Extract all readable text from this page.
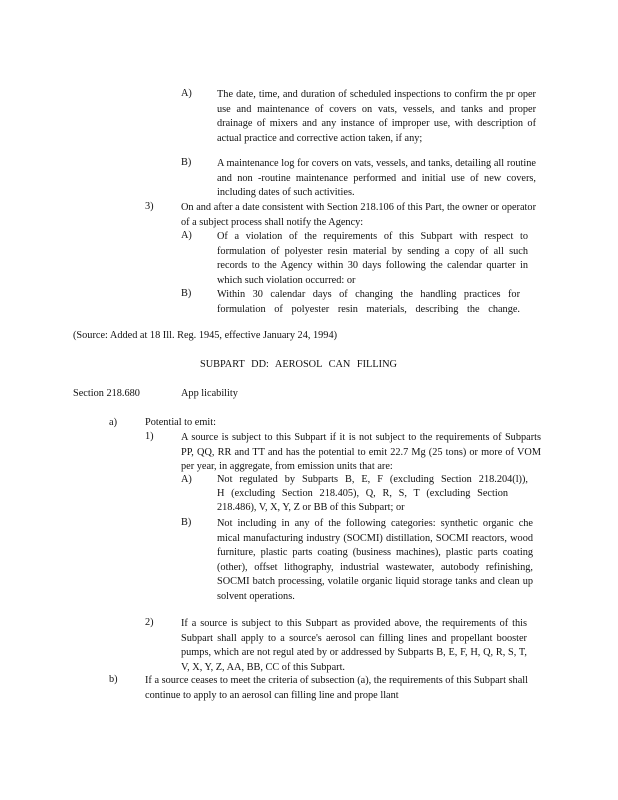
A) The date, time, and duration of scheduled inspections to confirm the pr oper use and maintenance of covers on vats, vessels, and tanks and proper drainage of mixers and any instance of improper use, with description of actual practice and corrective action taken, if any;
B) A maintenance log for covers on vats, vessels, and tanks, detailing all routine and non -routine maintenance performed and initial use of new covers, including dates of such activities.
3)	On and after a date consistent with Section 218.106 of this Part, the owner or operator of a subject process shall notify the Agency:
A) Of a violation of the requirements of this Subpart with respect to formulation of polyester resin material by sending a copy of all such records to the Agency within 30 days following the calendar quarter in which such violation occurred: or
B) Within 30 calendar days of changing the handling practices for formulation of polyester resin materials, describing the change.
(Source: Added at 18 Ill. Reg. 1945, effective January 24, 1994)
SUBPART DD: AEROSOL CAN FILLING
Section 218.680	App licability
a)	Potential to emit:
1)	A source is subject to this Subpart if it is not subject to the requirements of Subparts PP, QQ, RR and TT and has the potential to emit 22.7 Mg (25 tons) or more of VOM per year, in aggregate, from emission units that are:
A) Not regulated by Subparts B, E, F (excluding Section 218.204(l)),
H (excluding Section 218.405), Q, R, S, T (excluding Section
218.486), V, X, Y, Z or BB of this Subpart; or
B) Not including in any of the following categories: synthetic organic che mical manufacturing industry (SOCMI) distillation, SOCMI reactors, wood furniture, plastic parts coating (business machines), plastic parts coating (other), offset lithography, industrial wastewater, autobody refinishing, SOCMI batch processing, volatile organic liquid storage tanks and clean up solvent operations.
2)	If a source is subject to this Subpart as provided above, the requirements of this Subpart shall apply to a source's aerosol can filling lines and propellant booster pumps, which are not regul ated by or addressed by Subparts B, E, F, H, Q, R, S, T, V, X, Y, Z, AA, BB, CC of this Subpart.
b)	If a source ceases to meet the criteria of subsection (a), the requirements of this Subpart shall continue to apply to an aerosol can filling line and prope llant
